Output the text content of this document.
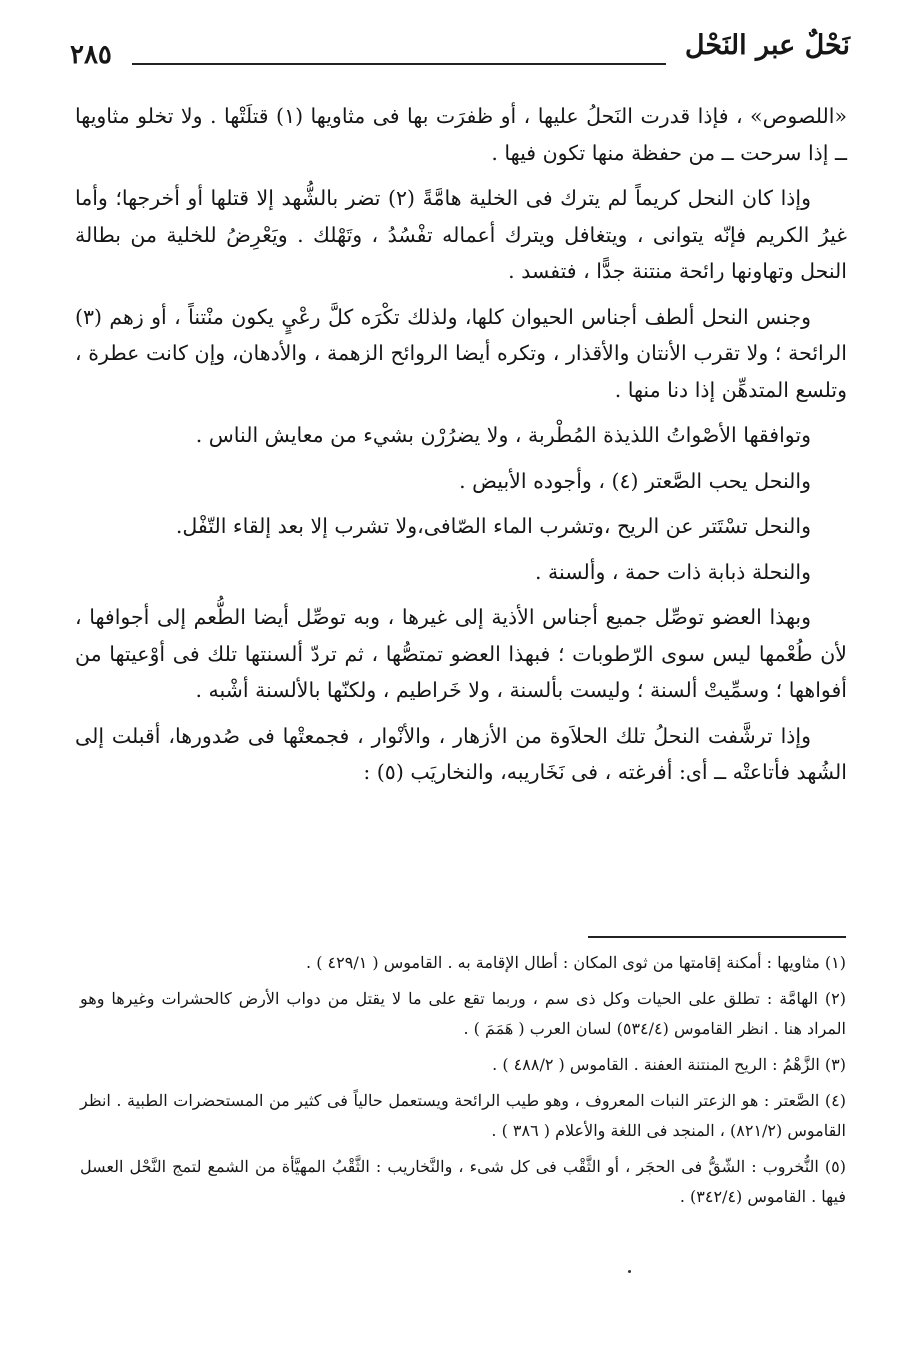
نَحْلٌ عبر النَحْل
٢٨٥

«اللصوص» ، فإذا قدرت النَحلُ عليها ، أو ظفرَت بها فى مثاويها (١) قتلَتْها . ولا تخلو مثاويها ــ إذا سرحت ــ من حفظة منها تكون فيها .

وإذا كان النحل كريماً لم يترك فى الخلية هامَّةً (٢) تضر بالشُّهد إلا قتلها أو أخرجها؛ وأما غيرُ الكريم فإنّه يتوانى ، ويتغافل ويترك أعماله تفْسُدُ ، وتَهْلك . ويَعْرِضُ للخلية من بطالة النحل وتهاونها رائحة منتنة جدًّا ، فتفسد .

وجنس النحل ألطف أجناس الحيوان كلها، ولذلك تكْرَه كلَّ رعْيٍ يكون منْتناً ، أو زهم (٣) الرائحة ؛ ولا تقرب الأنتان والأقذار ، وتكره أيضا الروائح الزهمة ، والأدهان، وإن كانت عطرة ، وتلسع المتدهِّن إذا دنا منها .

وتوافقها الأصْواتُ اللذيذة المُطْربة ، ولا يضرُرْن بشيء من معايش الناس .

والنحل يحب الصَّعتر (٤) ، وأجوده الأبيض .

والنحل تسْتَتر عن الريح ،وتشرب الماء الصّافى،ولا تشرب إلا بعد إلقاء التّفْل.

والنحلة ذبابة ذات حمة ، وألسنة .

وبهذا العضو توصِّل جميع أجناس الأذية إلى غيرها ، وبه توصِّل أيضا الطُّعم إلى أجوافها ، لأن طُعْمها ليس سوى الرّطوبات ؛ فبهذا العضو تمتصُّها ، ثم تردّ ألسنتها تلك فى أوْعيتها من أفواهها ؛ وسمِّيتْ ألسنة ؛ وليست بألسنة ، ولا خَراطيم ، ولكنّها بالألسنة أشْبه .

وإذا ترشَّفت النحلُ تلك الحلاَوة من الأزهار ، والأنْوار ، فجمعتْها فى صُدورها، أقبلت إلى الشُهد فأتاعتْه ــ أى: أفرغته ، فى نَخَاريبه، والنخاريَب (٥) :

(١) مثاويها : أمكنة إقامتها من ثوى المكان : أطال الإقامة به . القاموس ( ٤٢٩/١ ) .

(٢) الهامَّة : تطلق على الحيات وكل ذى سم ، وربما تقع على ما لا يقتل من دواب الأرض كالحشرات وغيرها وهو المراد هنا . انظر القاموس (٥٣٤/٤) لسان العرب ( هَمَمَ ) .

(٣) الزَّهْمُ : الريح المنتنة العفنة . القاموس ( ٤٨٨/٢ ) .

(٤) الصَّعتر : هو الزعتر النبات المعروف ، وهو طيب الرائحة ويستعمل حالياً فى كثير من المستحضرات الطبية . انظر القاموس (٨٢١/٢) ، المنجد فى اللغة والأعلام ( ٣٨٦ ) .

(٥) النُّخروب : الشّقُّ فى الحجَر ، أو الثَّقْب فى كل شىء ، والنَّخاريب : الثَّقْبُ المهيَّأة من الشمع لتمج النَّحْل العسل فيها . القاموس (٣٤٢/٤) .
